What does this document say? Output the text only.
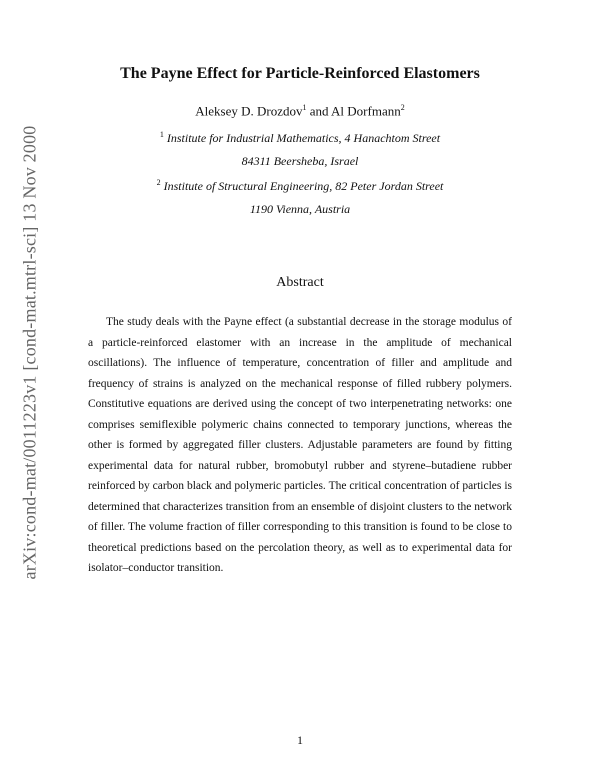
arXiv:cond-mat/0011223v1 [cond-mat.mtrl-sci] 13 Nov 2000
The Payne Effect for Particle-Reinforced Elastomers
Aleksey D. Drozdov$^1$ and Al Dorfmann$^2$
$^1$ Institute for Industrial Mathematics, 4 Hanachtom Street
84311 Beersheba, Israel
$^2$ Institute of Structural Engineering, 82 Peter Jordan Street
1190 Vienna, Austria
Abstract

The study deals with the Payne effect (a substantial decrease in the storage modulus of a particle-reinforced elastomer with an increase in the amplitude of mechanical oscillations). The influence of temperature, concentration of filler and amplitude and frequency of strains is analyzed on the mechanical response of filled rubbery polymers. Constitutive equations are derived using the concept of two interpenetrating networks: one comprises semiflexible polymeric chains connected to temporary junctions, whereas the other is formed by aggregated filler clusters. Adjustable parameters are found by fitting experimental data for natural rubber, bromobutyl rubber and styrene–butadiene rubber reinforced by carbon black and polymeric particles. The critical concentration of particles is determined that characterizes transition from an ensemble of disjoint clusters to the network of filler. The volume fraction of filler corresponding to this transition is found to be close to theoretical predictions based on the percolation theory, as well as to experimental data for isolator–conductor transition.

1
